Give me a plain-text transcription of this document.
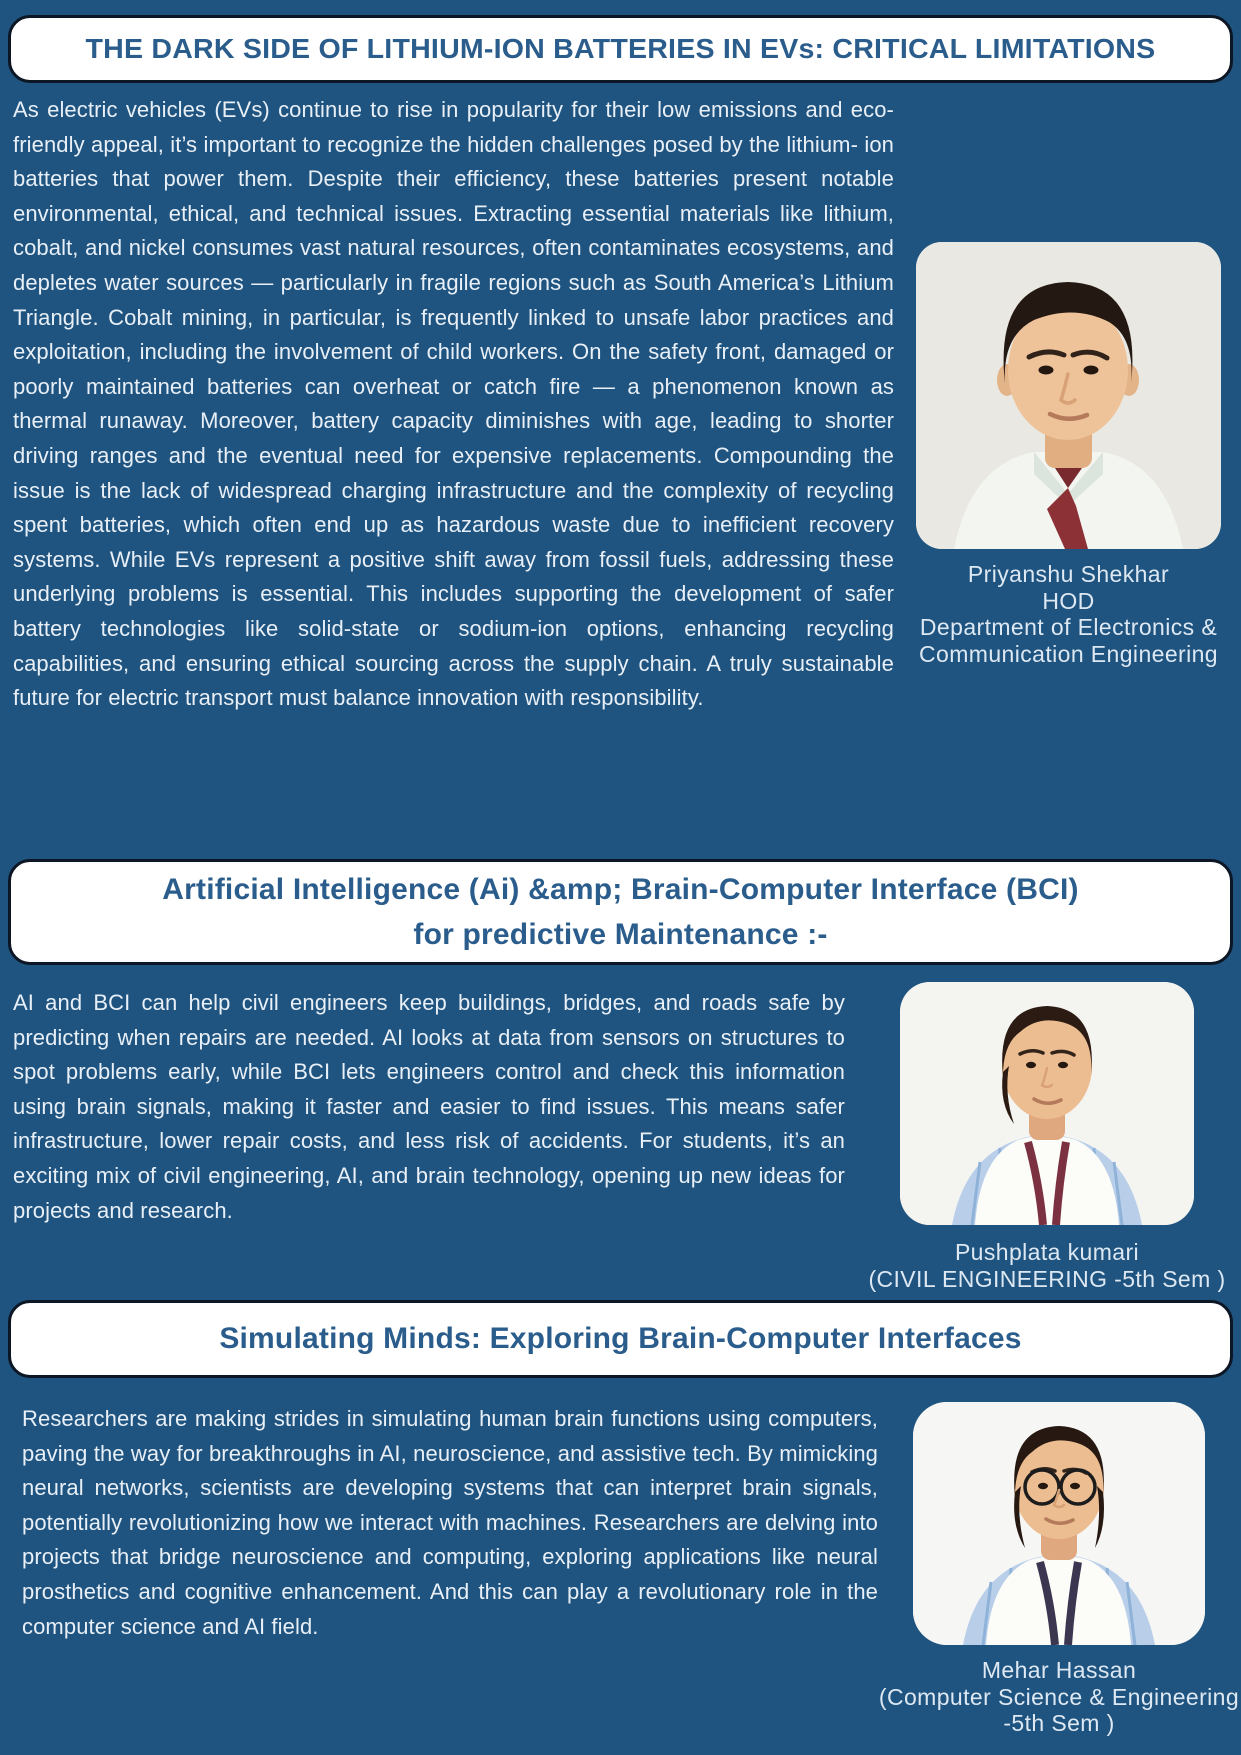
THE DARK SIDE OF LITHIUM-ION BATTERIES IN EVs: CRITICAL LIMITATIONS

As electric vehicles (EVs) continue to rise in popularity for their low emissions and eco-friendly appeal, it’s important to recognize the hidden challenges posed by the lithium- ion batteries that power them. Despite their efficiency, these batteries present notable environmental, ethical, and technical issues. Extracting essential materials like lithium, cobalt, and nickel consumes vast natural resources, often contaminates ecosystems, and depletes water sources — particularly in fragile regions such as South America’s Lithium Triangle. Cobalt mining, in particular, is frequently linked to unsafe labor practices and exploitation, including the involvement of child workers. On the safety front, damaged or poorly maintained batteries can overheat or catch fire — a phenomenon known as thermal runaway. Moreover, battery capacity diminishes with age, leading to shorter driving ranges and the eventual need for expensive replacements. Compounding the issue is the lack of widespread charging infrastructure and the complexity of recycling spent batteries, which often end up as hazardous waste due to inefficient recovery systems. While EVs represent a positive shift away from fossil fuels, addressing these underlying problems is essential. This includes supporting the development of safer battery technologies like solid-state or sodium-ion options, enhancing recycling capabilities, and ensuring ethical sourcing across the supply chain. A truly sustainable future for electric transport must balance innovation with responsibility.

Priyanshu Shekhar
HOD
Department of Electronics & Communication Engineering
Artificial Intelligence (Ai) &amp; Brain-Computer Interface (BCI)
for predictive Maintenance :-

AI and BCI can help civil engineers keep buildings, bridges, and roads safe by predicting when repairs are needed. AI looks at data from sensors on structures to spot problems early, while BCI lets engineers control and check this information using brain signals, making it faster and easier to find issues. This means safer infrastructure, lower repair costs, and less risk of accidents. For students, it’s an exciting mix of civil engineering, AI, and brain technology, opening up new ideas for projects and research.

Pushplata kumari
(CIVIL ENGINEERING -5th Sem )
Simulating Minds: Exploring Brain-Computer Interfaces

Researchers are making strides in simulating human brain functions using computers, paving the way for breakthroughs in AI, neuroscience, and assistive tech. By mimicking neural networks, scientists are developing systems that can interpret brain signals, potentially revolutionizing how we interact with machines. Researchers are delving into projects that bridge neuroscience and computing, exploring applications like neural prosthetics and cognitive enhancement. And this can play a revolutionary role in the computer science and AI field.

Mehar Hassan
(Computer Science & Engineering -5th Sem )
